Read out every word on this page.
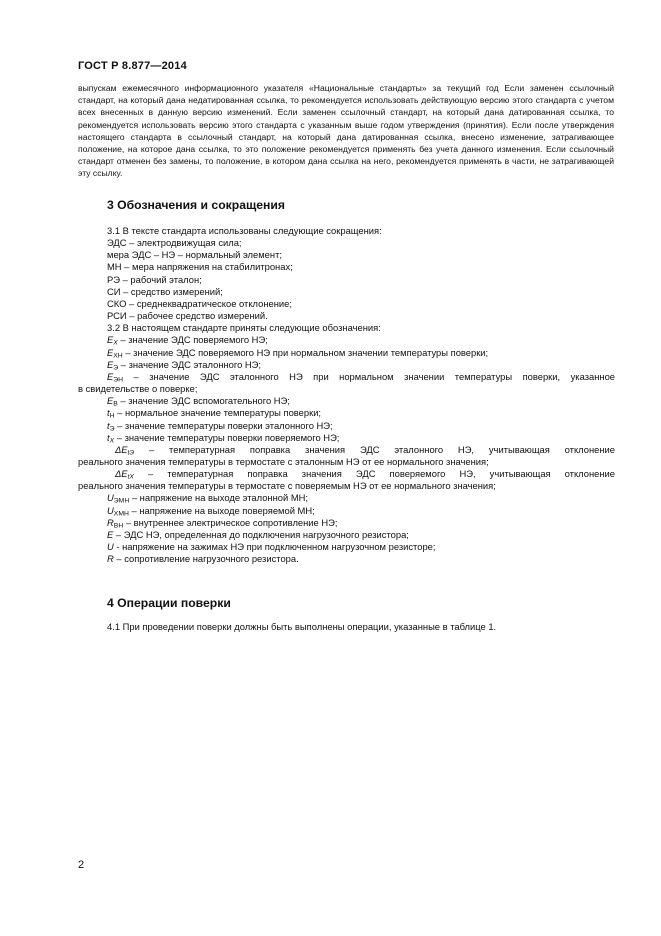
ГОСТ Р 8.877—2014

выпускам ежемесячного информационного указателя «Национальные стандарты» за текущий год Если заменен ссылочный стандарт, на который дана недатированная ссылка, то рекомендуется использовать действующую версию этого стандарта с учетом всех внесенных в данную версию изменений. Если заменен ссылочный стандарт, на который дана датированная ссылка, то рекомендуется использовать версию этого стандарта с указанным выше годом утверждения (принятия). Если после утверждения настоящего стандарта в ссылочный стандарт, на который дана датированная ссылка, внесено изменение, затрагивающее положение, на которое дана ссылка, то это положение рекомендуется применять без учета данного изменения. Если ссылочный стандарт отменен без замены, то положение, в котором дана ссылка на него, рекомендуется применять в части, не затрагивающей эту ссылку.

3 Обозначения и сокращения
3.1 В тексте стандарта использованы следующие сокращения:
ЭДС – электродвижущая сила;
мера ЭДС – НЭ – нормальный элемент;
МН – мера напряжения на стабилитронах;
РЭ – рабочий эталон;
СИ – средство измерений;
СКО – среднеквадратическое отклонение;
РСИ – рабочее средство измерений.
3.2 В настоящем стандарте приняты следующие обозначения:
$E_X$ – значение ЭДС поверяемого НЭ;
$E_{XН}$ – значение ЭДС поверяемого НЭ при нормальном значении температуры поверки;
$E_Э$ – значение ЭДС эталонного НЭ;
$E_{ЭН}$ – значение ЭДС эталонного НЭ при нормальном значении температуры поверки, указанное
в свидетельстве о поверке;
$E_В$ – значение ЭДС вспомогательного НЭ;
$t_Н$ – нормальное значение температуры поверки;
$t_Э$ – значение температуры поверки эталонного НЭ;
$t_X$ – значение температуры поверки поверяемого НЭ;
$\Delta E_{tЭ}$ – температурная поправка значения ЭДС эталонного НЭ, учитывающая отклонение
реального значения температуры в термостате с эталонным НЭ от ее нормального значения;
$\Delta E_{tX}$ – температурная поправка значения ЭДС поверяемого НЭ, учитывающая отклонение
реального значения температуры в термостате с поверяемым НЭ от ее нормального значения;
$U_{ЭМН}$ – напряжение на выходе эталонной МН;
$U_{XМН}$ – напряжение на выходе поверяемой МН;
$R_{ВН}$ – внутреннее электрическое сопротивление НЭ;
E – ЭДС НЭ, определенная до подключения нагрузочного резистора;
U - напряжение на зажимах НЭ при подключенном нагрузочном резисторе;
R – сопротивление нагрузочного резистора.
4 Операции поверки
4.1 При проведении поверки должны быть выполнены операции, указанные в таблице 1.
2
